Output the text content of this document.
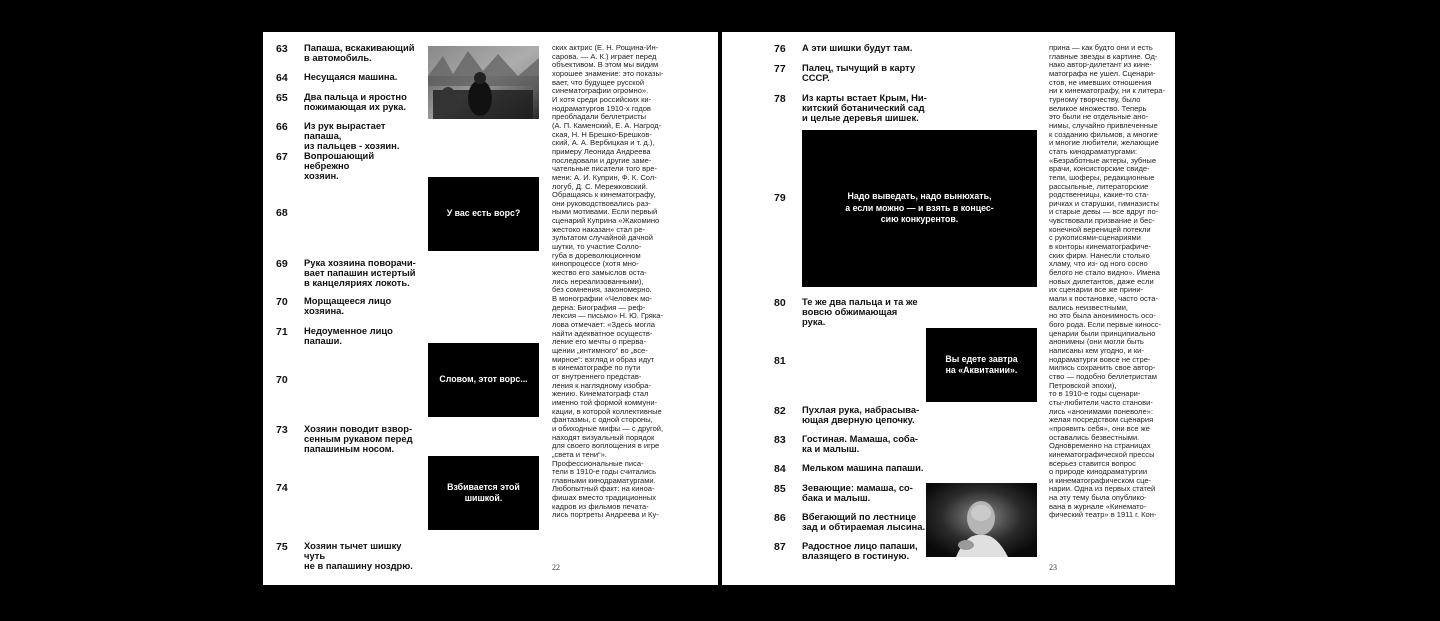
63	Папаша, вскакивающий
в автомобиль.
64	Несущаяся машина.
65	Два пальца и яростно
пожимающая их рука.
66	Из рук вырастает папаша,
из пальцев - хозяин.
67	Вопрошающий небрежно
хозяин.
68
69	Рука хозяина поворачи-
вает папашин истертый
в канцеляриях локоть.
70	Морщащееся лицо
хозяина.
71	Недоуменное лицо
папаши.
70
73	Хозяин поводит взвор-
сенным рукавом перед
папашиным носом.
74
75	Хозяин тычет шишку чуть
не в папашину ноздрю.
У вас есть ворс?
Словом, этот ворс...
Взбивается этой
шишкой.
ских актрис (Е. Н. Рощина-Ин-
сарова. — А. К.) играет перед
объективом. В этом мы видим
хорошее знамение: это показы-
вает, что будущее русской
синематографии огромно».
И хотя среди российских ки-
нодраматургов 1910-х годов
преобладали беллетристы
(А. П. Каменский, Е. А. Нагрод-
ская, Н. Н Брешко-Брешков-
ский, А. А. Вербицкая и т. д.),
примеру Леонида Андреева
последовали и другие заме-
чательные писатели того вре-
мени: А. И. Куприн, Ф. К. Сол-
логуб, Д. С. Мережковский.
Обращаясь к кинематографу,
они руководствовались раз-
ными мотивами. Если первый
сценарий Куприна «Жакомино
жестоко наказан» стал ре-
зультатом случайной дачной
шутки, то участие Солло-
губа в дореволюционном
кинопроцессе (хотя мно-
жество его замыслов оста-
лись нереализованными),
без сомнения, закономерно.
В монографии «Человек мо-
дерна: Биография — реф-
лексия — письмо» Н. Ю. Гряка-
лова отмечает: «Здесь могла
найти адекватное осуществ-
ление его мечты о прерва-
щении „интимного“ во „все-
мирное“: взгляд и образ идут
в кинематографе по пути
от внутреннего представ-
ления к наглядному изобра-
жению. Кинематограф стал
именно той формой коммуни-
кации, в которой коллективные
фантазмы, с одной стороны,
и обиходные мифы — с другой,
находят визуальный порядок
для своего воплощения в игре
„света и тени“».
Профессиональные писа-
тели в 1910-е годы считались
главными кинодраматургами.
Любопытный факт: на киноа-
фишах вместо традиционных
кадров из фильмов печата-
лись портреты Андреева и Ку-
22
76	А эти шишки будут там.
77	Палец, тычущий в карту
СССР.
78	Из карты встает Крым, Ни-
китский ботанический сад
и целые деревья шишек.
79
80	Те же два пальца и та же
вовсю обжимающая рука.
81
82	Пухлая рука, набрасыва-
ющая дверную цепочку.
83	Гостиная. Мамаша, соба-
ка и малыш.
84	Мельком машина папаши.
85	Зевающие: мамаша, со-
бака и малыш.
86	Вбегающий по лестнице
зад и обтираемая лысина.
87	Радостное лицо папаши,
влазящего в гостиную.
Надо выведать, надо вынюхать,
а если можно — и взять в концес-
сию конкурентов.
Вы едете завтра
на «Аквитании».
принa — как будто они и есть
главные звезды в картине. Од-
нако автор-дилетант из кине-
матографа не ушел. Сценари-
стов, не имевших отношения
ни к кинематографу, ни к литера-
турному творчеству, было
великое множество. Теперь
это были не отдельные ано-
нимы, случайно привлеченные
к созданию фильмов, а многие
и многие любители, желающие
стать кинодраматургами:
«Безработные актеры, зубные
врачи, консисторские свиде-
тели, шоферы, редакционные
рассыльные, литераторские
родственницы, какие-то ста-
ричках и старушки, гимназисты
и старые девы — все вдруг по-
чувствовали призвание и бес-
конечной вереницей потекли
с рукописями-сценариями
в конторы кинематографиче-
ских фирм. Нанесли столько
хламу, что из- од ного сосно
белого не стало видно». Имена
новых дилетантов, даже если
их сценарии все же прини-
мали к постановке, часто оста-
вались неизвестными,
но это была анонимность осо-
бого рода. Если первые киносс-
ценарии были принципиально
анонимны (они могли быть
написаны кем угодно, и ки-
нодраматурги вовсе не стре-
мились сохранить свое автор-
ство — подобно беллетристам
Петровской эпохи),
то в 1910-е годы сценари-
сты-любители часто станови-
лись «анонимами поневоле»:
желая посредством сценария
«проявить себя», они все же
оставались безвестными.
Одновременно на страницах
кинематографической прессы
всерьез ставится вопрос
о природе кинодраматургии
и кинематографическом сце-
нарии. Одна из первых статей
на эту тему была опублико-
вана в журнале «Кинемато-
фический театр» в 1911 г. Кон-
23
